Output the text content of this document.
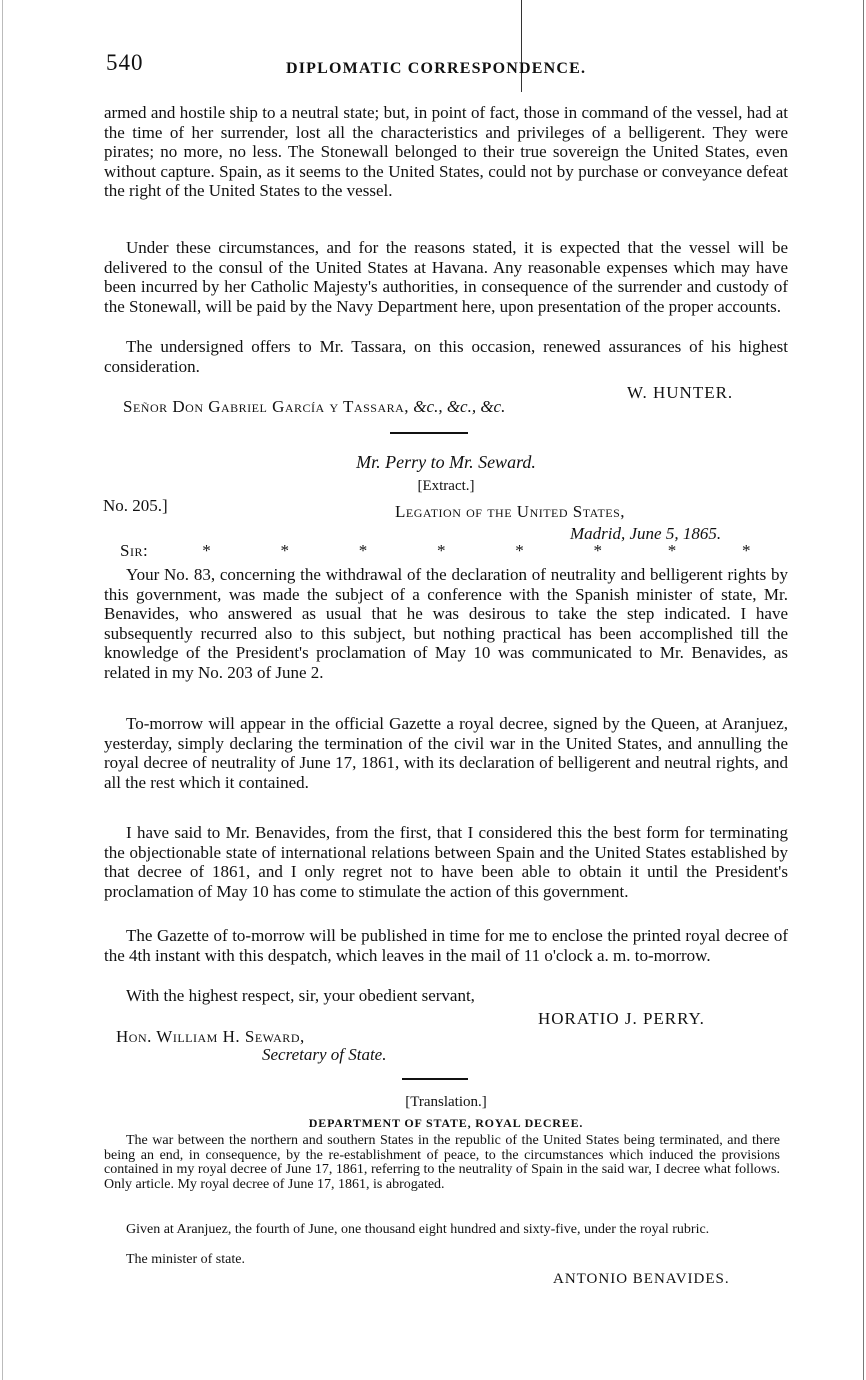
540	DIPLOMATIC CORRESPONDENCE.

armed and hostile ship to a neutral state; but, in point of fact, those in command of the vessel, had at the time of her surrender, lost all the characteristics and privileges of a belligerent. They were pirates; no more, no less. The Stonewall belonged to their true sovereign the United States, even without capture. Spain, as it seems to the United States, could not by purchase or conveyance defeat the right of the United States to the vessel.

Under these circumstances, and for the reasons stated, it is expected that the vessel will be delivered to the consul of the United States at Havana. Any reasonable expenses which may have been incurred by her Catholic Majesty's authorities, in consequence of the surrender and custody of the Stonewall, will be paid by the Navy Department here, upon presentation of the proper accounts.

The undersigned offers to Mr. Tassara, on this occasion, renewed assurances of his highest consideration.

W. HUNTER.
Señor Don Gabriel García y Tassara, &c., &c., &c.
Mr. Perry to Mr. Seward.
[Extract.]
No. 205.]	Legation of the United States,
Madrid, June 5, 1865.
Sir:	*	*	*	*	*	*	*	*

Your No. 83, concerning the withdrawal of the declaration of neutrality and belligerent rights by this government, was made the subject of a conference with the Spanish minister of state, Mr. Benavides, who answered as usual that he was desirous to take the step indicated. I have subsequently recurred also to this subject, but nothing practical has been accomplished till the knowledge of the President's proclamation of May 10 was communicated to Mr. Benavides, as related in my No. 203 of June 2.

To-morrow will appear in the official Gazette a royal decree, signed by the Queen, at Aranjuez, yesterday, simply declaring the termination of the civil war in the United States, and annulling the royal decree of neutrality of June 17, 1861, with its declaration of belligerent and neutral rights, and all the rest which it contained.

I have said to Mr. Benavides, from the first, that I considered this the best form for terminating the objectionable state of international relations between Spain and the United States established by that decree of 1861, and I only regret not to have been able to obtain it until the President's proclamation of May 10 has come to stimulate the action of this government.

The Gazette of to-morrow will be published in time for me to enclose the printed royal decree of the 4th instant with this despatch, which leaves in the mail of 11 o'clock a. m. to-morrow.

With the highest respect, sir, your obedient servant,

HORATIO J. PERRY.
Hon. William H. Seward,
Secretary of State.
[Translation.]
DEPARTMENT OF STATE, ROYAL DECREE.

The war between the northern and southern States in the republic of the United States being terminated, and there being an end, in consequence, by the re-establishment of peace, to the circumstances which induced the provisions contained in my royal decree of June 17, 1861, referring to the neutrality of Spain in the said war, I decree what follows. Only article. My royal decree of June 17, 1861, is abrogated.

Given at Aranjuez, the fourth of June, one thousand eight hundred and sixty-five, under the royal rubric.

The minister of state.

ANTONIO BENAVIDES.
